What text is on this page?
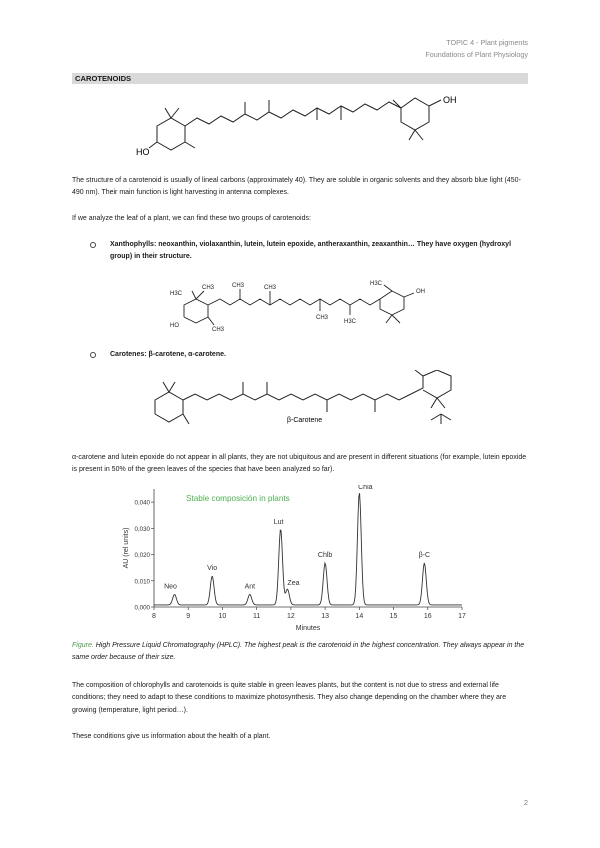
TOPIC 4 - Plant pigments
Foundations of Plant Physiology
CAROTENOIDS
OH
HO
The structure of a carotenoid is usually of lineal carbons (approximately 40). They are soluble in organic solvents and they absorb blue light (450-490 nm). Their main function is light harvesting in antenna complexes.
If we analyze the leaf of a plant, we can find these two groups of carotenoids:
Xanthophylls: neoxanthin, violaxanthin, lutein, lutein epoxide, antheraxanthin, zeaxanthin… They have oxygen (hydroxyl group) in their structure.
H3C
CH3	CH3
CH3
CH3
CH3
H3C
H3C
OH
HO
Carotenes: β-carotene, α-carotene.
β-Carotene
α-carotene and lutein epoxide do not appear in all plants, they are not ubiquitous and are present in different situations (for example, lutein epoxide is present in 50% of the green leaves of the species that have been analyzed so far).
8	9	10	11	12	13	14	15	16	17
0,000
0,010
0,020
0,030
0,040
Neo
Vio
Ant
Lut
Zea
Chlb
Chla
β-C
Stable composición in plants
Minutes
AU (rel units)
Figure. High Pressure Liquid Chromatography (HPLC). The highest peak is the carotenoid in the highest concentration. They always appear in the same order because of their size.
The composition of chlorophylls and carotenoids is quite stable in green leaves plants, but the content is not due to stress and external life conditions; they need to adapt to these conditions to maximize photosynthesis. They also change depending on the chamber where they are growing (temperature, light period…).
These conditions give us information about the health of a plant.
2
